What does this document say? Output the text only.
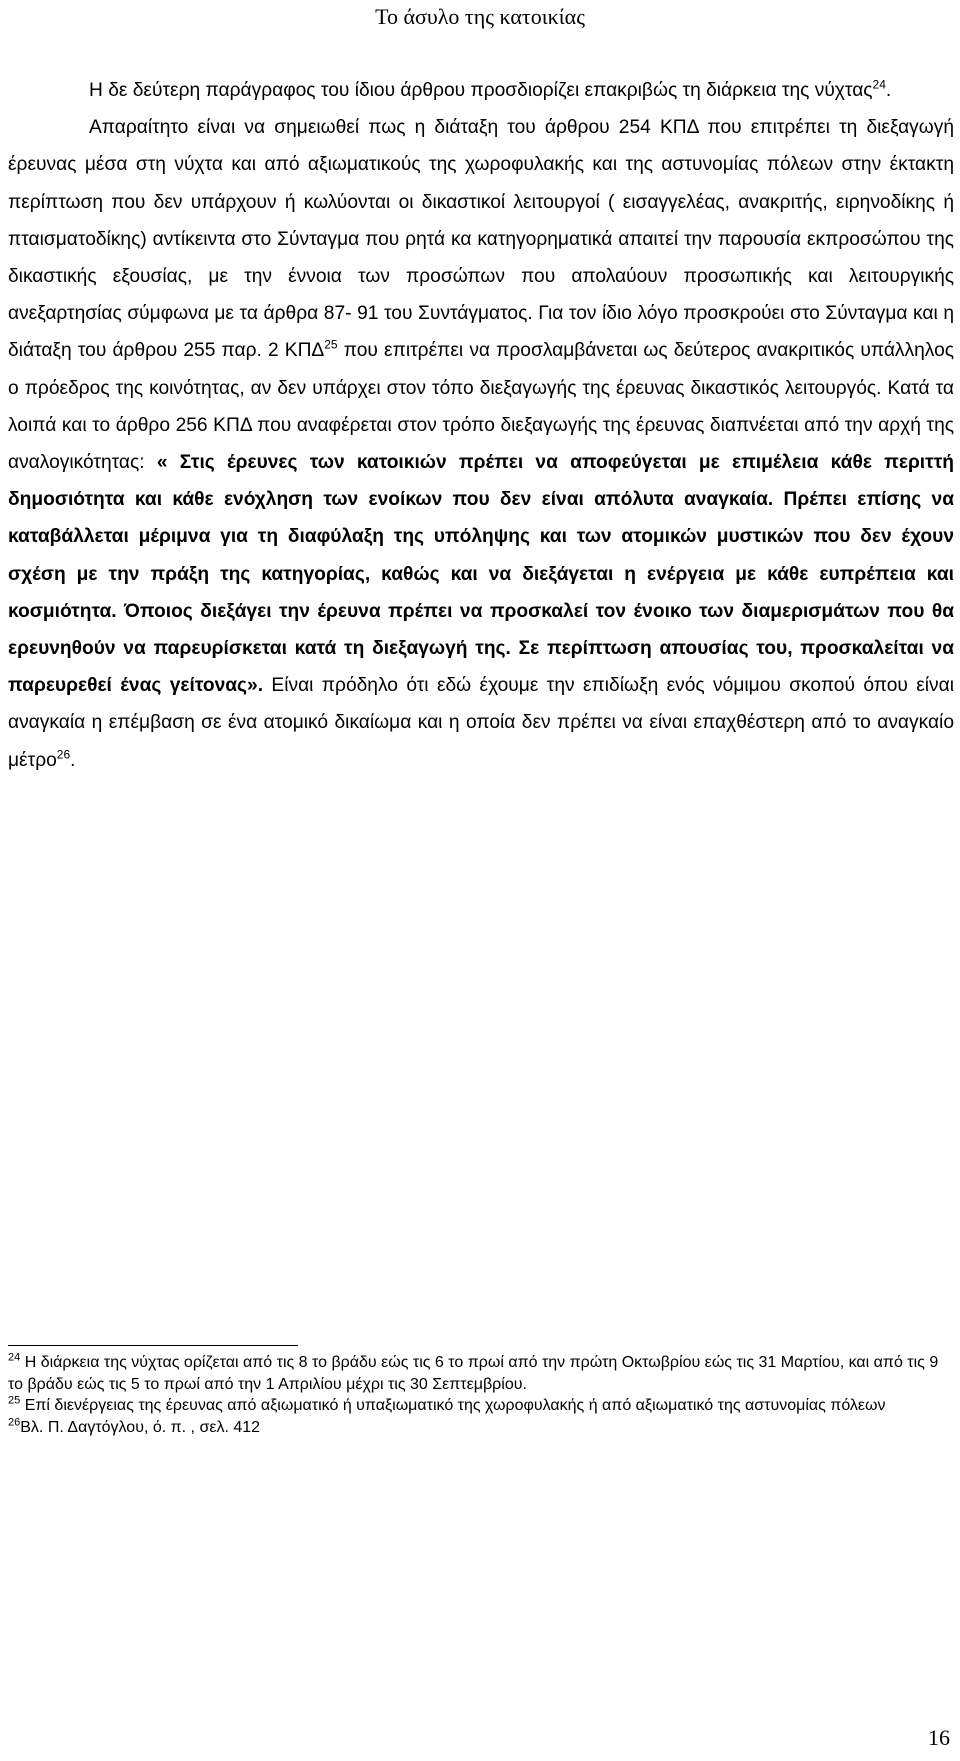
Το άσυλο της κατοικίας

Η δε δεύτερη παράγραφος του ίδιου άρθρου προσδιορίζει επακριβώς τη διάρκεια της νύχτας$^{24}$.

Απαραίτητο είναι να σημειωθεί πως η διάταξη του άρθρου 254 ΚΠΔ που επιτρέπει τη διεξαγωγή έρευνας μέσα στη νύχτα και από αξιωματικούς της χωροφυλακής και της αστυνομίας πόλεων στην έκτακτη περίπτωση που δεν υπάρχουν ή κωλύονται οι δικαστικοί λειτουργοί ( εισαγγελέας, ανακριτής, ειρηνοδίκης ή πταισματοδίκης) αντίκειντα στο Σύνταγμα που ρητά κα κατηγορηματικά απαιτεί την παρουσία εκπροσώπου της δικαστικής εξουσίας, με την έννοια των προσώπων που απολαύουν προσωπικής και λειτουργικής ανεξαρτησίας σύμφωνα με τα άρθρα 87- 91 του Συντάγματος. Για τον ίδιο λόγο προσκρούει στο Σύνταγμα και η διάταξη του άρθρου 255 παρ. 2 ΚΠΔ$^{25}$ που επιτρέπει να προσλαμβάνεται ως δεύτερος ανακριτικός υπάλληλος ο πρόεδρος της κοινότητας, αν δεν υπάρχει στον τόπο διεξαγωγής της έρευνας δικαστικός λειτουργός. Κατά τα λοιπά και το άρθρο 256 ΚΠΔ που αναφέρεται στον τρόπο διεξαγωγής της έρευνας διαπνέεται από την αρχή της αναλογικότητας: « Στις έρευνες των κατοικιών πρέπει να αποφεύγεται με επιμέλεια κάθε περιττή δημοσιότητα και κάθε ενόχληση των ενοίκων που δεν είναι απόλυτα αναγκαία. Πρέπει επίσης να καταβάλλεται μέριμνα για τη διαφύλαξη της υπόληψης και των ατομικών μυστικών που δεν έχουν σχέση με την πράξη της κατηγορίας, καθώς και να διεξάγεται η ενέργεια με κάθε ευπρέπεια και κοσμιότητα. Όποιος διεξάγει την έρευνα πρέπει να προσκαλεί τον ένοικο των διαμερισμάτων που θα ερευνηθούν να παρευρίσκεται κατά τη διεξαγωγή της. Σε περίπτωση απουσίας του, προσκαλείται να παρευρεθεί ένας γείτονας». Είναι πρόδηλο ότι εδώ έχουμε την επιδίωξη ενός νόμιμου σκοπού όπου είναι αναγκαία η επέμβαση σε ένα ατομικό δικαίωμα και η οποία δεν πρέπει να είναι επαχθέστερη από το αναγκαίο μέτρο$^{26}$.

$^{24}$ Η διάρκεια της νύχτας ορίζεται από τις 8 το βράδυ εώς τις 6 το πρωί από την πρώτη Οκτωβρίου εώς τις 31 Μαρτίου, και από τις 9 το βράδυ εώς τις 5 το πρωί από την 1 Απριλίου μέχρι τις 30 Σεπτεμβρίου.

$^{25}$ Επί διενέργειας της έρευνας από αξιωματικό ή υπαξιωματικό της χωροφυλακής ή από αξιωματικό της αστυνομίας πόλεων

$^{26}$Βλ. Π. Δαγτόγλου, ό. π. , σελ. 412

16
